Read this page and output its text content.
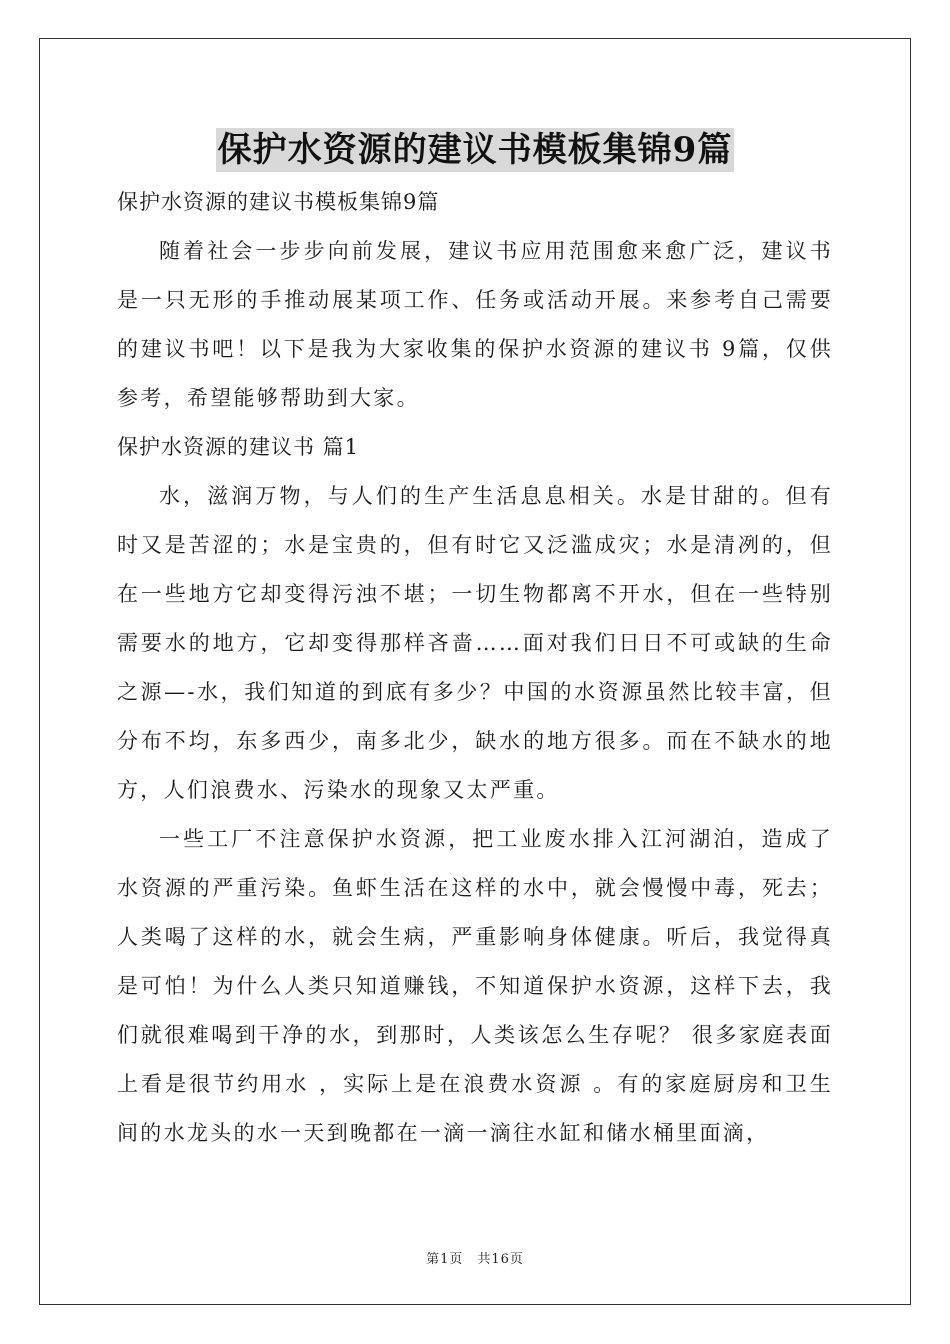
保护水资源的建议书模板集锦9篇

保护水资源的建议书模板集锦9篇

随着社会一步步向前发展，建议书应用范围愈来愈广泛，建议书是一只无形的手推动展某项工作、任务或活动开展。来参考自己需要的建议书吧！以下是我为大家收集的保护水资源的建议书 9篇，仅供参考，希望能够帮助到大家。

保护水资源的建议书 篇1

水，滋润万物，与人们的生产生活息息相关。水是甘甜的。但有时又是苦涩的；水是宝贵的，但有时它又泛滥成灾；水是清冽的，但在一些地方它却变得污浊不堪；一切生物都离不开水，但在一些特别需要水的地方，它却变得那样吝啬……面对我们日日不可或缺的生命之源—-水，我们知道的到底有多少？中国的水资源虽然比较丰富，但分布不均，东多西少，南多北少，缺水的地方很多。而在不缺水的地方，人们浪费水、污染水的现象又太严重。

一些工厂不注意保护水资源，把工业废水排入江河湖泊，造成了水资源的严重污染。鱼虾生活在这样的水中，就会慢慢中毒，死去；人类喝了这样的水，就会生病，严重影响身体健康。听后，我觉得真是可怕！为什么人类只知道赚钱，不知道保护水资源，这样下去，我们就很难喝到干净的水，到那时，人类该怎么生存呢？ 很多家庭表面上看是很节约用水 ，实际上是在浪费水资源 。有的家庭厨房和卫生间的水龙头的水一天到晚都在一滴一滴往水缸和储水桶里面滴，

第1页　共16页
